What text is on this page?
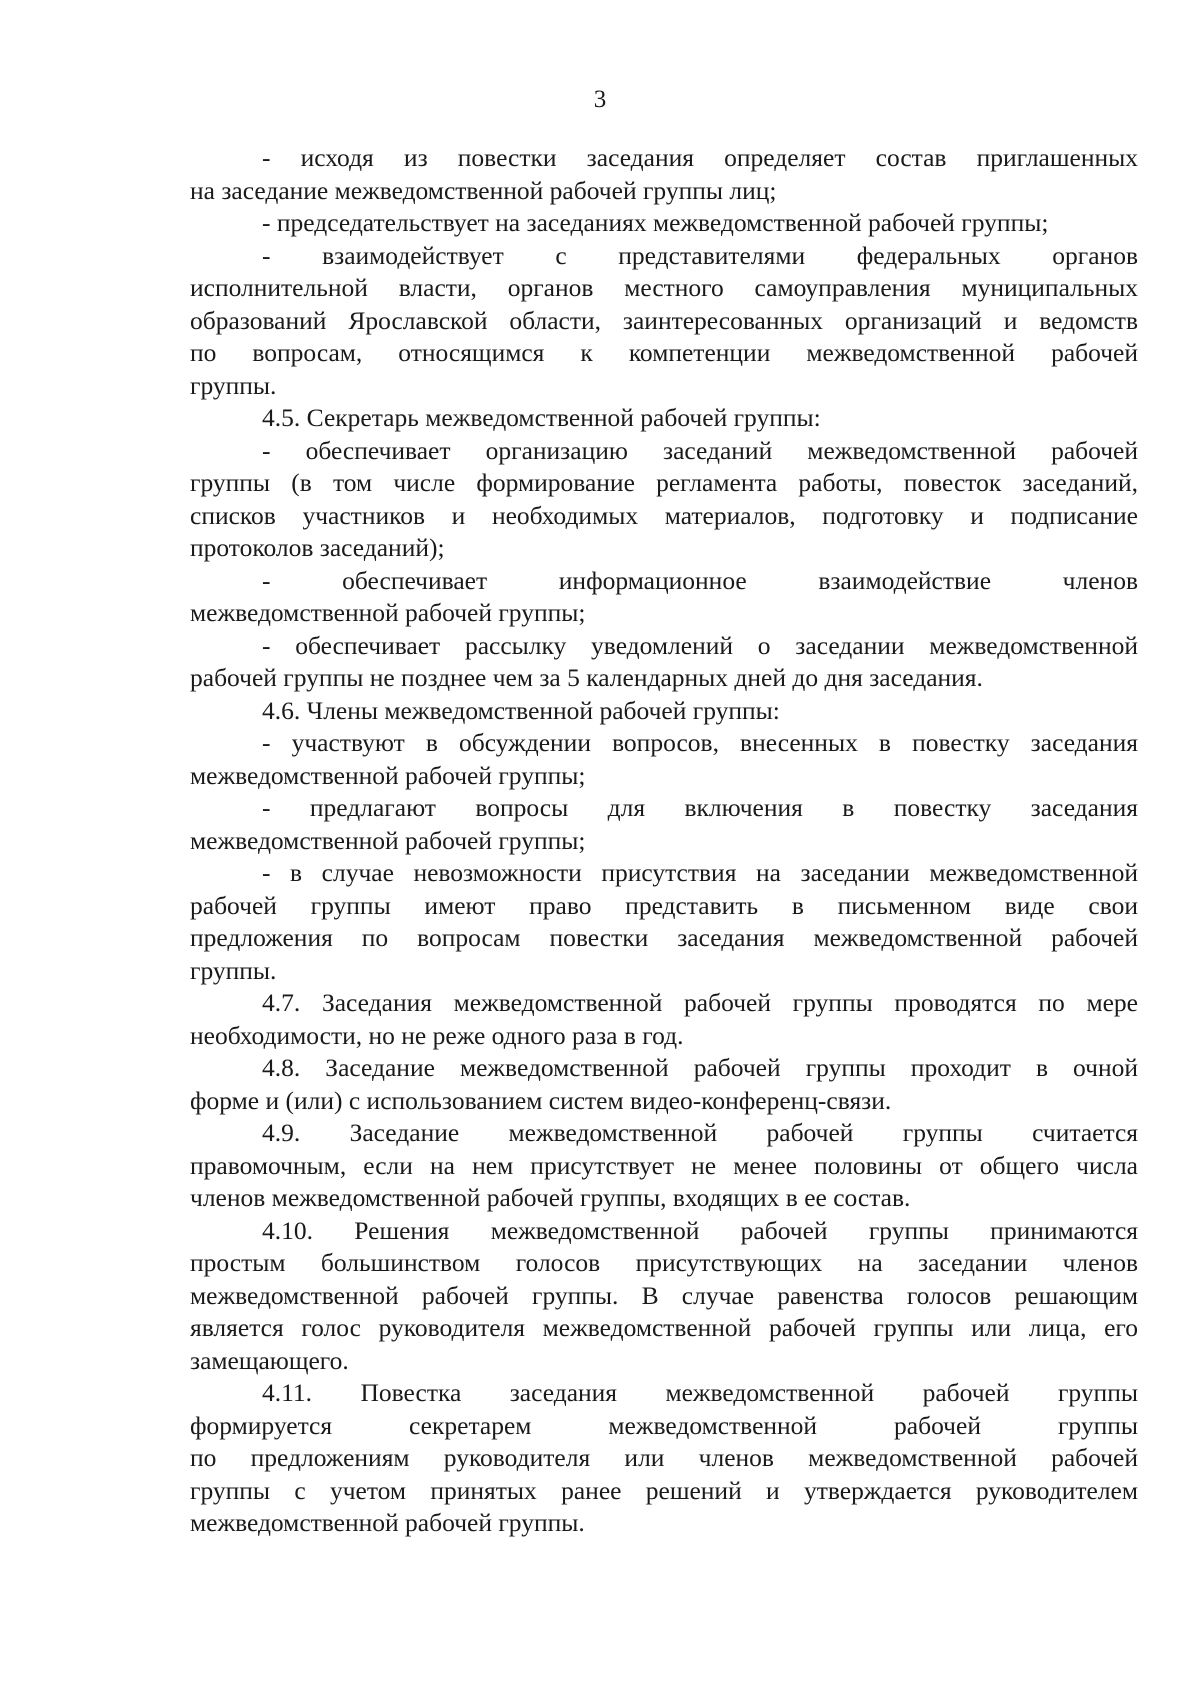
3
- исходя из повестки заседания определяет состав приглашенных
на заседание межведомственной рабочей группы лиц;
- председательствует на заседаниях межведомственной рабочей группы;
- взаимодействует с представителями федеральных органов
исполнительной власти, органов местного самоуправления муниципальных
образований Ярославской области, заинтересованных организаций и ведомств
по вопросам, относящимся к компетенции межведомственной рабочей
группы.
4.5. Секретарь межведомственной рабочей группы:
- обеспечивает организацию заседаний межведомственной рабочей
группы (в том числе формирование регламента работы, повесток заседаний,
списков участников и необходимых материалов, подготовку и подписание
протоколов заседаний);
- обеспечивает информационное взаимодействие членов
межведомственной рабочей группы;
- обеспечивает рассылку уведомлений о заседании межведомственной
рабочей группы не позднее чем за 5 календарных дней до дня заседания.
4.6. Члены межведомственной рабочей группы:
- участвуют в обсуждении вопросов, внесенных в повестку заседания
межведомственной рабочей группы;
- предлагают вопросы для включения в повестку заседания
межведомственной рабочей группы;
- в случае невозможности присутствия на заседании межведомственной
рабочей группы имеют право представить в письменном виде свои
предложения по вопросам повестки заседания межведомственной рабочей
группы.
4.7. Заседания межведомственной рабочей группы проводятся по мере
необходимости, но не реже одного раза в год.
4.8. Заседание межведомственной рабочей группы проходит в очной
форме и (или) с использованием систем видео-конференц-связи.
4.9. Заседание межведомственной рабочей группы считается
правомочным, если на нем присутствует не менее половины от общего числа
членов межведомственной рабочей группы, входящих в ее состав.
4.10. Решения межведомственной рабочей группы принимаются
простым большинством голосов присутствующих на заседании членов
межведомственной рабочей группы. В случае равенства голосов решающим
является голос руководителя межведомственной рабочей группы или лица, его
замещающего.
4.11. Повестка заседания межведомственной рабочей группы
формируется секретарем межведомственной рабочей группы
по предложениям руководителя или членов межведомственной рабочей
группы с учетом принятых ранее решений и утверждается руководителем
межведомственной рабочей группы.
